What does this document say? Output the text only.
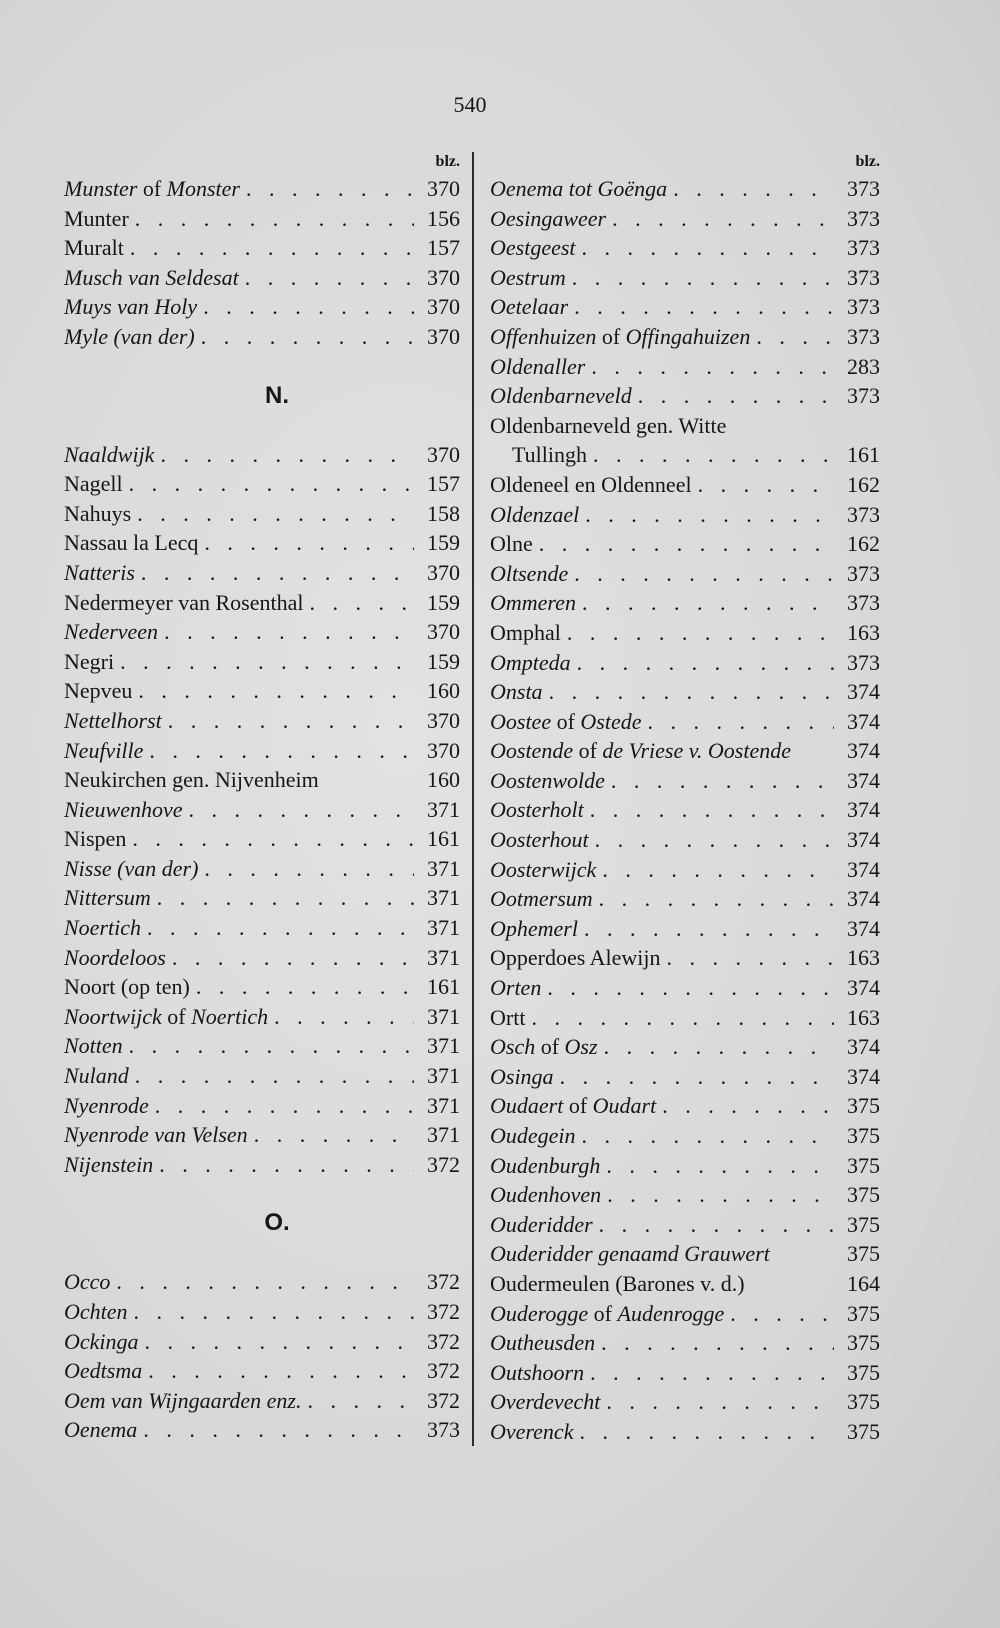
540
blz.
Munster of Monster . . .	370
Munter . . .	156
Muralt . . .	157
Musch van Seldesat . . .	370
Muys van Holy . . .	370
Myle (van der) . . .	370
N.
Naaldwijk . . .	370
Nagell . . .	157
Nahuys . . .	158
Nassau la Lecq . . .	159
Natteris . . .	370
Nedermeyer van Rosenthal . . .	159
Nederveen . . .	370
Negri . . .	159
Nepveu . . .	160
Nettelhorst . . .	370
Neufville . . .	370
Neukirchen gen. Nijvenheim	160
Nieuwenhove . . .	371
Nispen . . .	161
Nisse (van der) . . .	371
Nittersum . . .	371
Noertich . . .	371
Noordeloos . . .	371
Noort (op ten) . . .	161
Noortwijck of Noertich . . .	371
Notten . . .	371
Nuland . . .	371
Nyenrode . . .	371
Nyenrode van Velsen . . .	371
Nijenstein . . .	372
O.
Occo . . .	372
Ochten . . .	372
Ockinga . . .	372
Oedtsma . . .	372
Oem van Wijngaarden enz. . . .	372
Oenema . . .	373
blz.
Oenema tot Goënga . . .	373
Oesingaweer . . .	373
Oestgeest . . .	373
Oestrum . . .	373
Oetelaar . . .	373
Offenhuizen of Offingahuizen . . .	373
Oldenaller . . .	283
Oldenbarneveld . . .	373
Oldenbarneveld gen. Witte
Tullingh . . .	161
Oldeneel en Oldenneel . . .	162
Oldenzael . . .	373
Olne . . .	162
Oltsende . . .	373
Ommeren . . .	373
Omphal . . .	163
Ompteda . . .	373
Onsta . . .	374
Oostee of Ostede . . .	374
Oostende of de Vriese v. Oostende	374
Oostenwolde . . .	374
Oosterholt . . .	374
Oosterhout . . .	374
Oosterwijck . . .	374
Ootmersum . . .	374
Ophemerl . . .	374
Opperdoes Alewijn . . .	163
Orten . . .	374
Ortt . . .	163
Osch of Osz . . .	374
Osinga . . .	374
Oudaert of Oudart . . .	375
Oudegein . . .	375
Oudenburgh . . .	375
Oudenhoven . . .	375
Ouderidder . . .	375
Ouderidder genaamd Grauwert	375
Oudermeulen (Barones v. d.)	164
Ouderogge of Audenrogge . . .	375
Outheusden . . .	375
Outshoorn . . .	375
Overdevecht . . .	375
Overenck . . .	375
